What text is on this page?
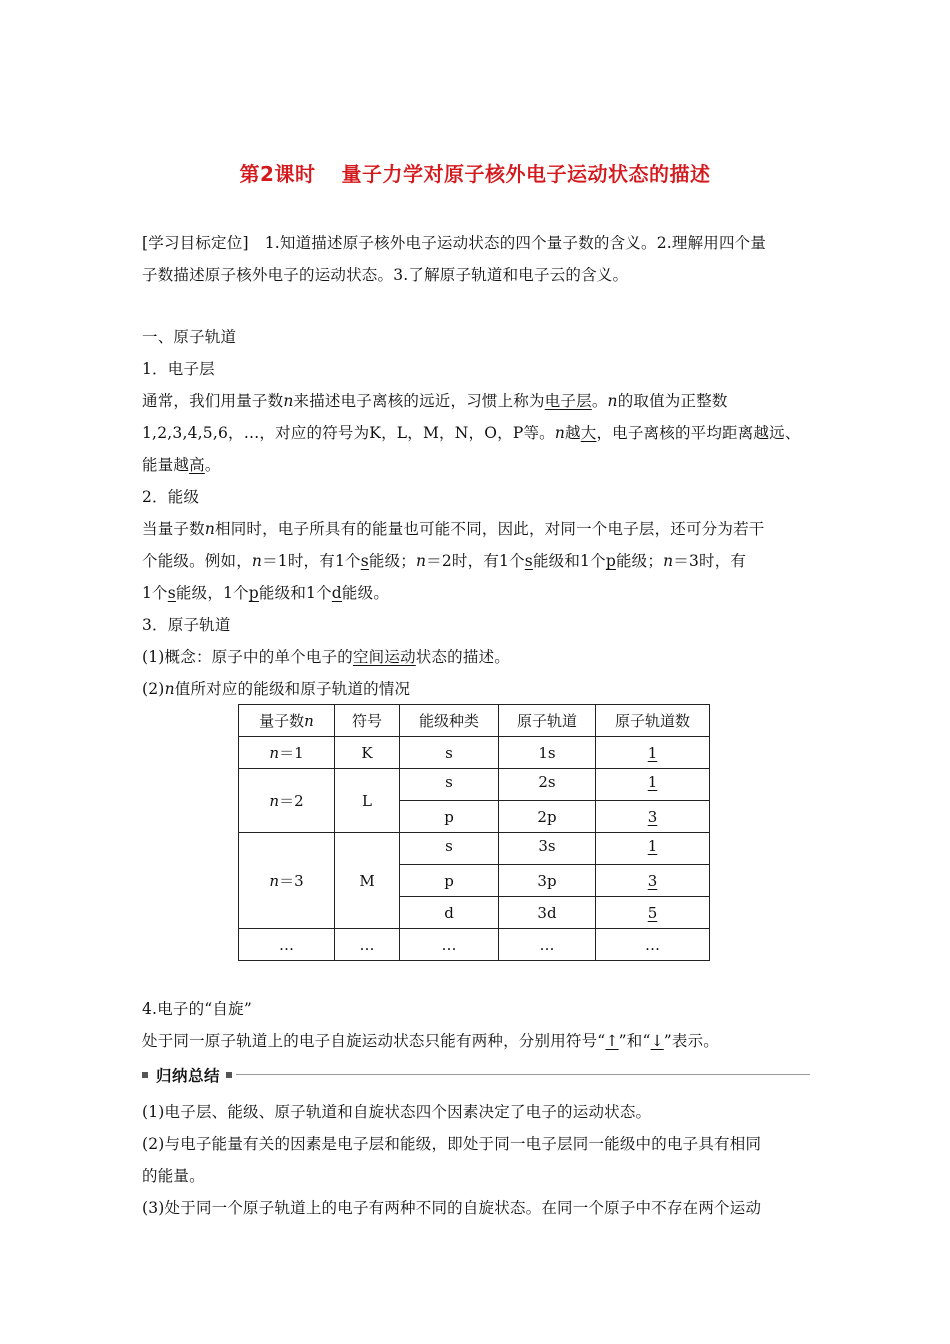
第2课时 量子力学对原子核外电子运动状态的描述
[学习目标定位] 1.知道描述原子核外电子运动状态的四个量子数的含义。2.理解用四个量
子数描述原子核外电子的运动状态。3.了解原子轨道和电子云的含义。
一、原子轨道
1．电子层
通常，我们用量子数n来描述电子离核的远近，习惯上称为电子层。n的取值为正整数
1,2,3,4,5,6，…，对应的符号为K，L，M，N，O，P等。n越大，电子离核的平均距离越远、
能量越高。
2．能级
当量子数n相同时，电子所具有的能量也可能不同，因此，对同一个电子层，还可分为若干
个能级。例如，n＝1时，有1个s能级；n＝2时，有1个s能级和1个p能级；n＝3时，有
1个s能级，1个p能级和1个d能级。
3．原子轨道
(1)概念：原子中的单个电子的空间运动状态的描述。
(2)n值所对应的能级和原子轨道的情况
量子数n	符号	能级种类	原子轨道	原子轨道数
n＝1	K	s	1s	1
n＝2	L	s	2s	1
		p	2p	3
n＝3	M	s	3s	1
		p	3p	3
		d	3d	5
…	…	…	…	…
4.电子的“自旋”
处于同一原子轨道上的电子自旋运动状态只能有两种，分别用符号“↑”和“↓”表示。
归纳总结
(1)电子层、能级、原子轨道和自旋状态四个因素决定了电子的运动状态。
(2)与电子能量有关的因素是电子层和能级，即处于同一电子层同一能级中的电子具有相同
的能量。
(3)处于同一个原子轨道上的电子有两种不同的自旋状态。在同一个原子中不存在两个运动
